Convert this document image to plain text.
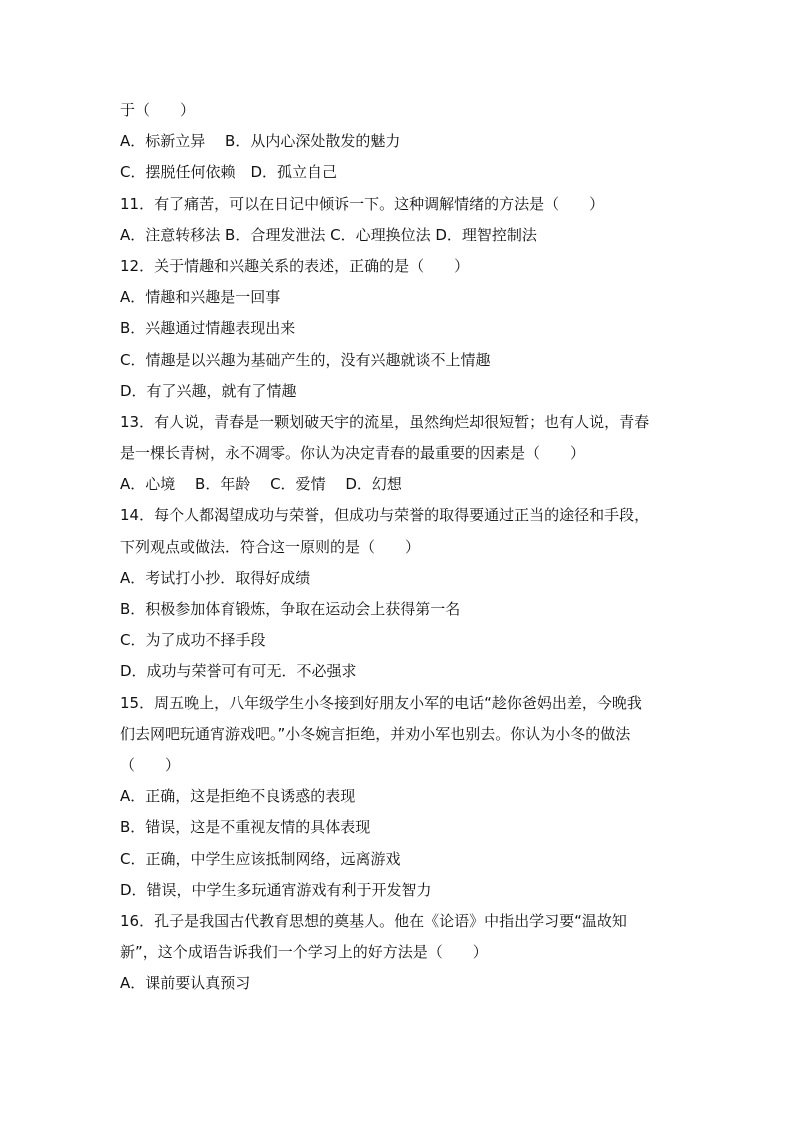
于（　　）
A．标新立异　 B．从内心深处散发的魅力
C．摆脱任何依赖　D．孤立自己
11．有了痛苦，可以在日记中倾诉一下。这种调解情绪的方法是（　　）
A．注意转移法 B．合理发泄法 C．心理换位法 D．理智控制法
12．关于情趣和兴趣关系的表述，正确的是（　　）
A．情趣和兴趣是一回事
B．兴趣通过情趣表现出来
C．情趣是以兴趣为基础产生的，没有兴趣就谈不上情趣
D．有了兴趣，就有了情趣
13．有人说，青春是一颗划破天宇的流星，虽然绚烂却很短暂；也有人说，青春
是一棵长青树，永不凋零。你认为决定青春的最重要的因素是（　　）
A．心境　 B．年龄　 C．爱情　 D．幻想
14．每个人都渴望成功与荣誉，但成功与荣誉的取得要通过正当的途径和手段，
下列观点或做法．符合这一原则的是（　　）
A．考试打小抄．取得好成绩
B．积极参加体育锻炼，争取在运动会上获得第一名
C．为了成功不择手段
D．成功与荣誉可有可无．不必强求
15．周五晚上，八年级学生小冬接到好朋友小军的电话“趁你爸妈出差，今晚我
们去网吧玩通宵游戏吧。”小冬婉言拒绝，并劝小军也别去。你认为小冬的做法
（　　）
A．正确，这是拒绝不良诱惑的表现
B．错误，这是不重视友情的具体表现
C．正确，中学生应该抵制网络，远离游戏
D．错误，中学生多玩通宵游戏有利于开发智力
16．孔子是我国古代教育思想的奠基人。他在《论语》中指出学习要“温故知
新”，这个成语告诉我们一个学习上的好方法是（　　）
A．课前要认真预习
